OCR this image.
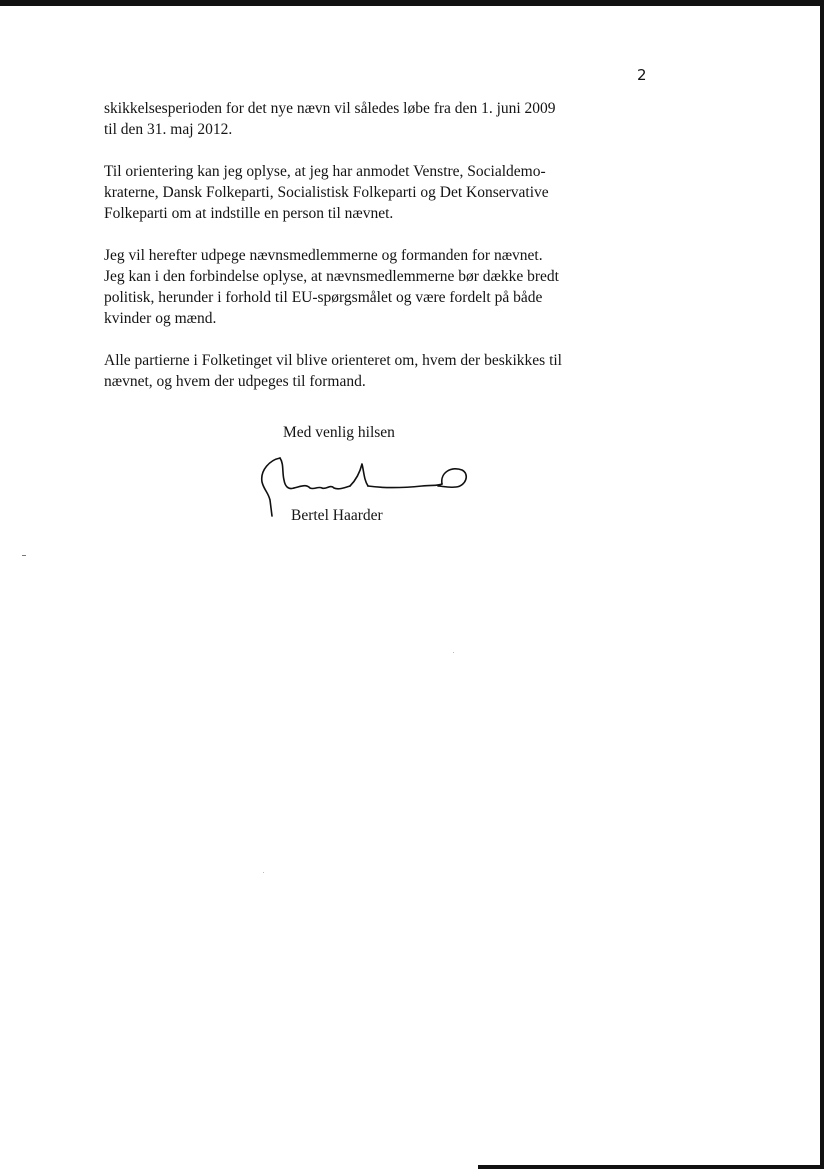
2

skikkelsesperioden for det nye nævn vil således løbe fra den 1. juni 2009
til den 31. maj 2012.

Til orientering kan jeg oplyse, at jeg har anmodet Venstre, Socialdemo-
kraterne, Dansk Folkeparti, Socialistisk Folkeparti og Det Konservative
Folkeparti om at indstille en person til nævnet.

Jeg vil herefter udpege nævnsmedlemmerne og formanden for nævnet.
Jeg kan i den forbindelse oplyse, at nævnsmedlemmerne bør dække bredt
politisk, herunder i forhold til EU-spørgsmålet og være fordelt på både
kvinder og mænd.

Alle partierne i Folketinget vil blive orienteret om, hvem der beskikkes til
nævnet, og hvem der udpeges til formand.

Med venlig hilsen
Bertel Haarder
